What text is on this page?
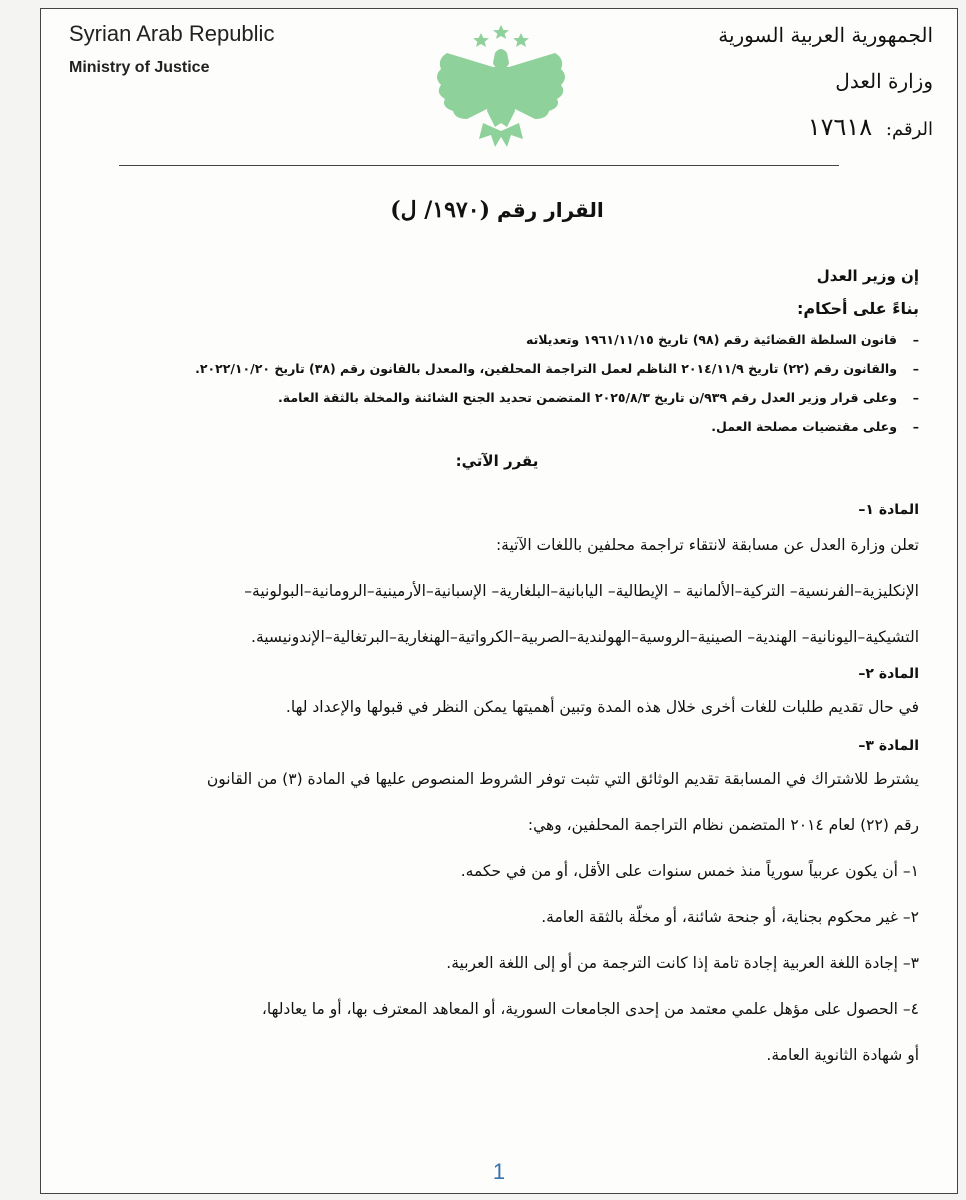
Syrian Arab Republic
Ministry of Justice
الجمهورية العربية السورية
وزارة العدل
الرقم: ١٧٦١٨
القرار رقم (١٩٧٠/ ل)

إن وزير العدل

بناءً على أحكام:

– قانون السلطة القضائية رقم (٩٨) تاريخ ١٩٦١/١١/١٥ وتعديلاته
– والقانون رقم (٢٢) تاريخ ٢٠١٤/١١/٩ الناظم لعمل التراجمة المحلفين، والمعدل بالقانون رقم (٣٨) تاريخ ٢٠٢٢/١٠/٢٠.
– وعلى قرار وزير العدل رقم ٩٣٩/ن تاريخ ٢٠٢٥/٨/٣ المتضمن تحديد الجنح الشائنة والمخلة بالثقة العامة.
– وعلى مقتضيات مصلحة العمل.

يقرر الآتي:

المادة ١–
تعلن وزارة العدل عن مسابقة لانتقاء تراجمة محلفين باللغات الآتية:
الإنكليزية–الفرنسية– التركية–الألمانية – الإيطالية– اليابانية–البلغارية– الإسبانية–الأرمينية–الرومانية–البولونية–
التشيكية–اليونانية– الهندية– الصينية–الروسية–الهولندية–الصربية–الكرواتية–الهنغارية–البرتغالية–الإندونيسية.
المادة ٢–
في حال تقديم طلبات للغات أخرى خلال هذه المدة وتبين أهميتها يمكن النظر في قبولها والإعداد لها.
المادة ٣–
يشترط للاشتراك في المسابقة تقديم الوثائق التي تثبت توفر الشروط المنصوص عليها في المادة (٣) من القانون
رقم (٢٢) لعام ٢٠١٤ المتضمن نظام التراجمة المحلفين، وهي:
١– أن يكون عربياً سورياً منذ خمس سنوات على الأقل، أو من في حكمه.
٢– غير محكوم بجناية، أو جنحة شائنة، أو مخلّة بالثقة العامة.
٣– إجادة اللغة العربية إجادة تامة إذا كانت الترجمة من أو إلى اللغة العربية.
٤– الحصول على مؤهل علمي معتمد من إحدى الجامعات السورية، أو المعاهد المعترف بها، أو ما يعادلها،
أو شهادة الثانوية العامة.
1
